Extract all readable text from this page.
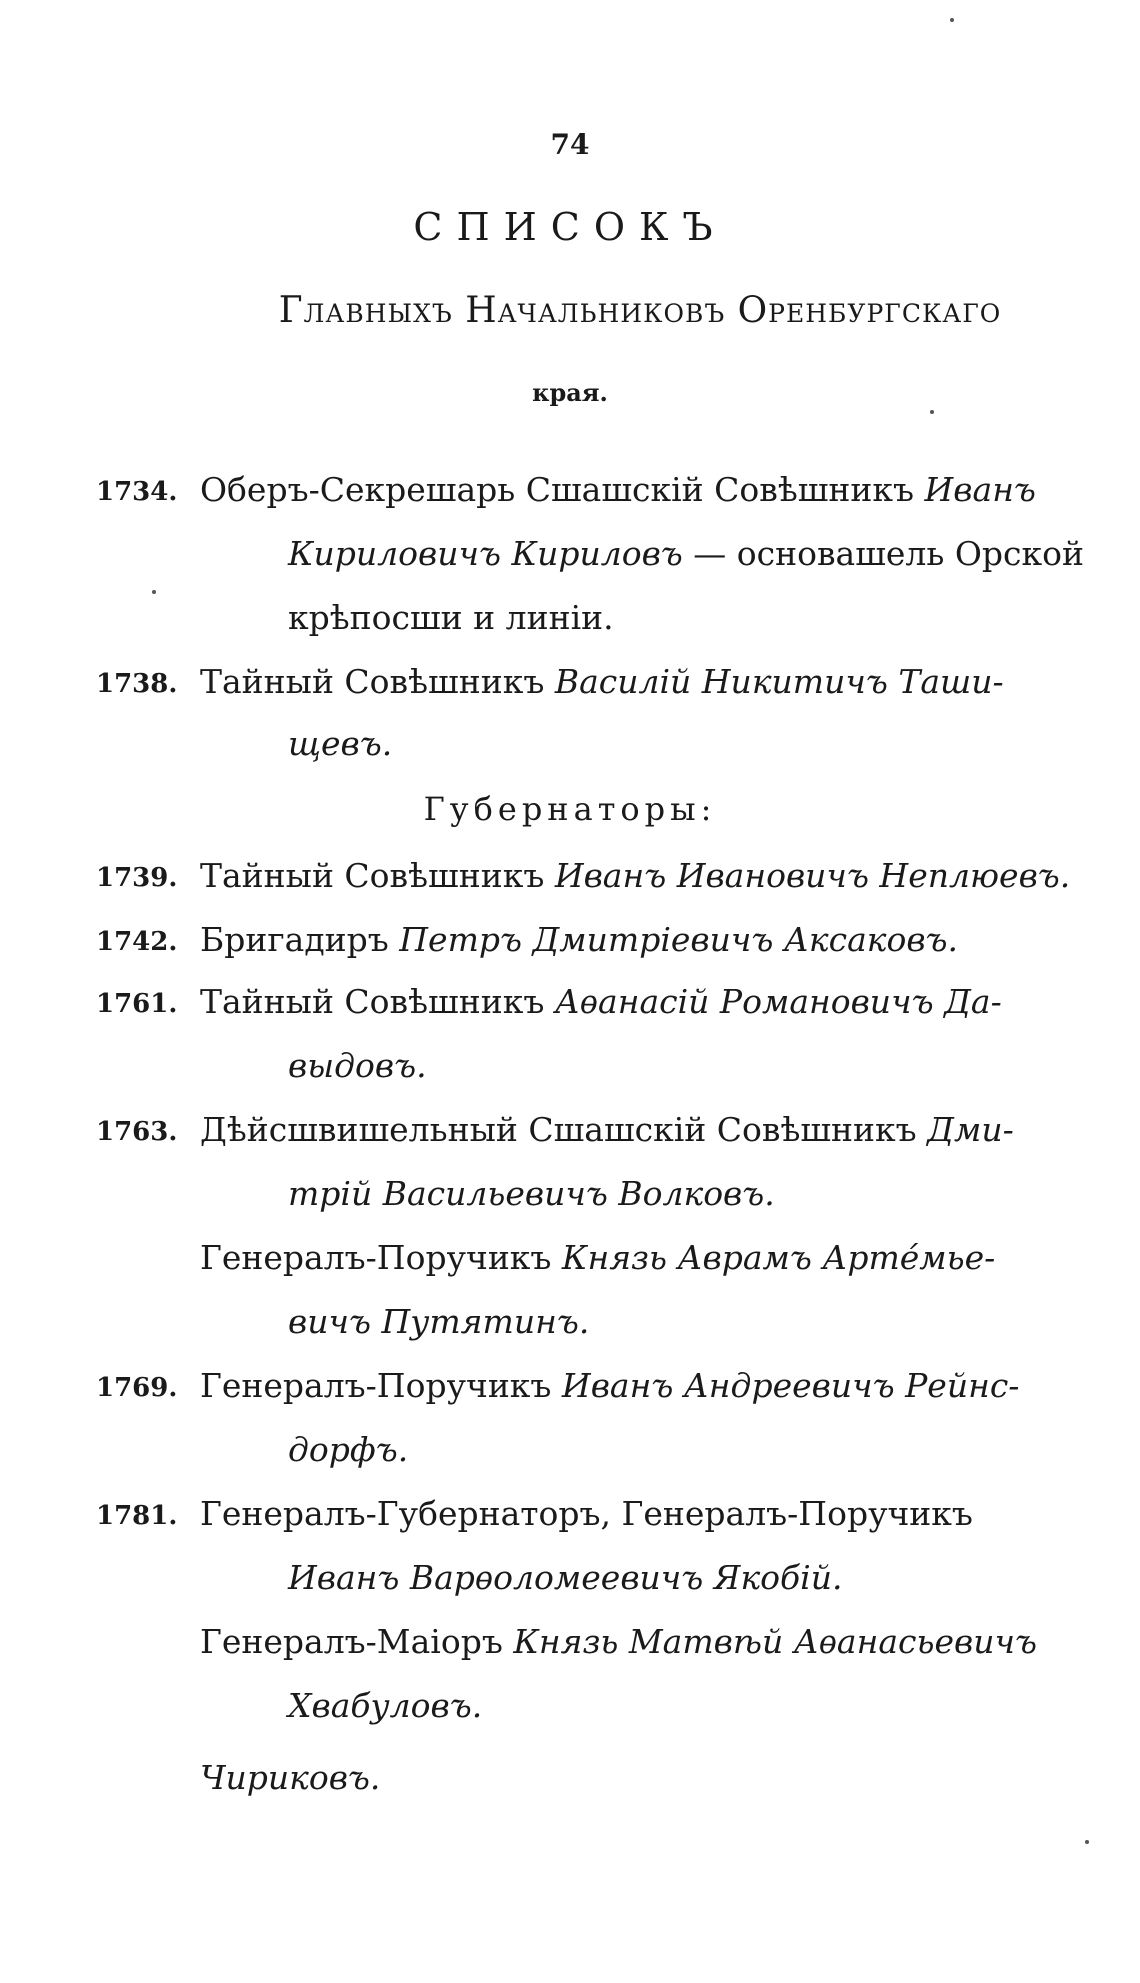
74
СПИСОКЪ
Главныхъ Начальниковъ Оренбургскаго
края.
1734. Оберъ-Секрешарь Сшашскій Совѣшникъ Иванъ
Кириловичъ Кириловъ — основашель Орской
крѣпосши и линіи.
1738. Тайный Совѣшникъ Василій Никитичъ Таши-
щевъ.
Губернаторы:
1739. Тайный Совѣшникъ Иванъ Ивановичъ Неплюевъ.
1742. Бригадиръ Петръ Дмитріевичъ Аксаковъ.
1761. Тайный Совѣшникъ Аѳанасій Романовичъ Да-
выдовъ.
1763. Дѣйсшвишельный Сшашскій Совѣшникъ Дми-
трій Васильевичъ Волковъ.
Генералъ-Поручикъ Князь Аврамъ Арте́мье-
вичъ Путятинъ.
1769. Генералъ-Поручикъ Иванъ Андреевичъ Рейнс-
дорфъ.
1781. Генералъ-Губернаторъ, Генералъ-Поручикъ
Иванъ Варѳоломеевичъ Якобій.
Генералъ-Маіоръ Князь Матвѣй Аѳанасьевичъ
Хвабуловъ.
Чириковъ.
